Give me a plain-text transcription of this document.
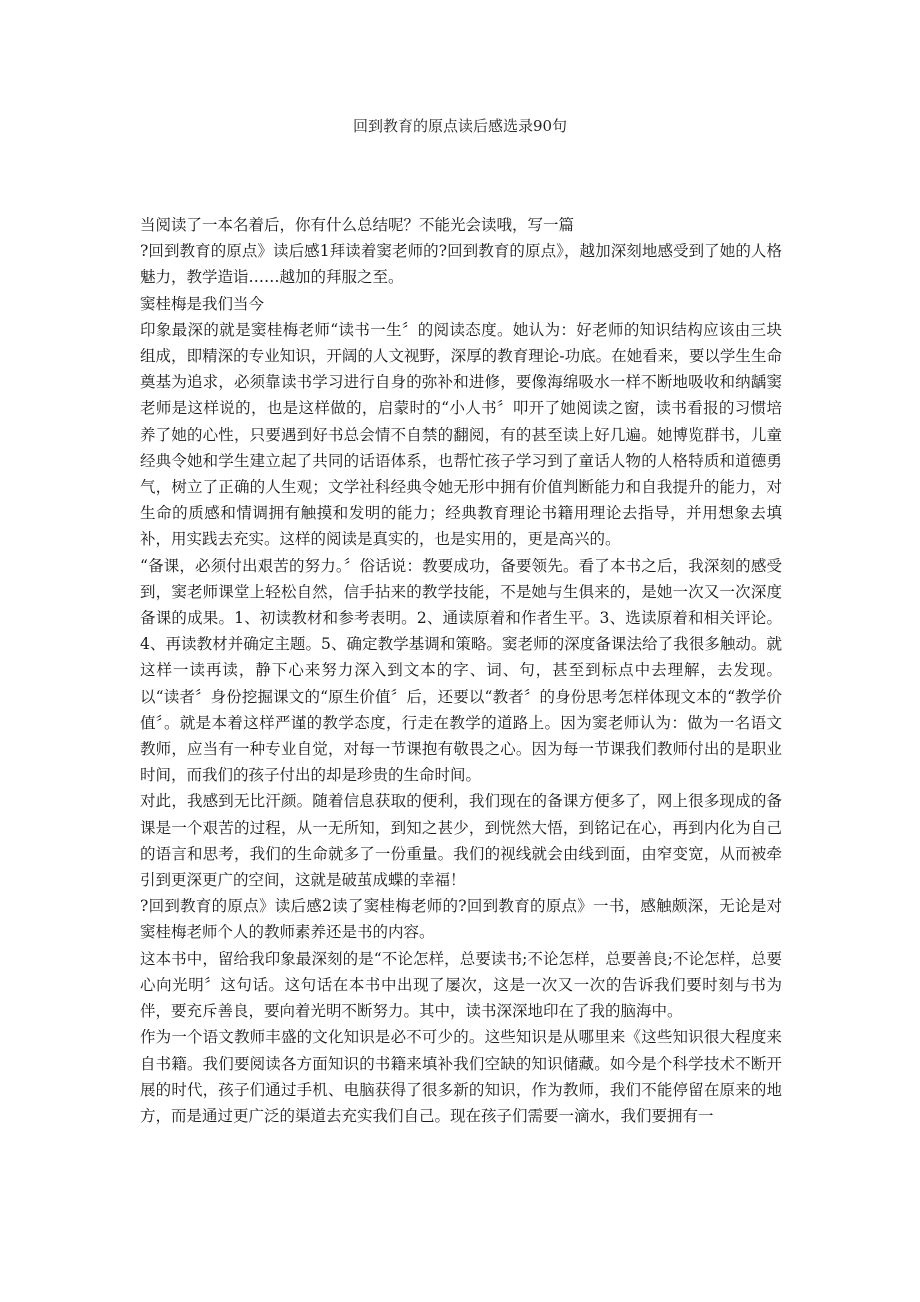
回到教育的原点读后感选录90句

当阅读了一本名着后，你有什么总结呢？不能光会读哦，写一篇

?回到教育的原点》读后感1拜读着窦老师的?回到教育的原点》，越加深刻地感受到了她的人格魅力，教学造诣……越加的拜服之至。

窦桂梅是我们当今

印象最深的就是窦桂梅老师“读书一生〞的阅读态度。她认为：好老师的知识结构应该由三块组成，即精深的专业知识，开阔的人文视野，深厚的教育理论-功底。在她看来，要以学生生命奠基为追求，必须靠读书学习进行自身的弥补和进修，要像海绵吸水一样不断地吸收和纳龋窦老师是这样说的，也是这样做的，启蒙时的“小人书〞叩开了她阅读之窗，读书看报的习惯培养了她的心性，只要遇到好书总会情不自禁的翻阅，有的甚至读上好几遍。她博览群书，儿童经典令她和学生建立起了共同的话语体系，也帮忙孩子学习到了童话人物的人格特质和道德勇气，树立了正确的人生观；文学社科经典令她无形中拥有价值判断能力和自我提升的能力，对生命的质感和情调拥有触摸和发明的能力；经典教育理论书籍用理论去指导，并用想象去填补，用实践去充实。这样的阅读是真实的，也是实用的，更是高兴的。

“备课，必须付出艰苦的努力。〞俗话说：教要成功，备要领先。看了本书之后，我深刻的感受到，窦老师课堂上轻松自然，信手拈来的教学技能，不是她与生俱来的，是她一次又一次深度备课的成果。1、初读教材和参考表明。2、通读原着和作者生平。3、选读原着和相关评论。4、再读教材并确定主题。5、确定教学基调和策略。窦老师的深度备课法给了我很多触动。就这样一读再读，静下心来努力深入到文本的字、词、句，甚至到标点中去理解，去发现。以“读者〞身份挖掘课文的“原生价值〞后，还要以“教者〞的身份思考怎样体现文本的“教学价值〞。就是本着这样严谨的教学态度，行走在教学的道路上。因为窦老师认为：做为一名语文教师，应当有一种专业自觉，对每一节课抱有敬畏之心。因为每一节课我们教师付出的是职业时间，而我们的孩子付出的却是珍贵的生命时间。

对此，我感到无比汗颜。随着信息获取的便利，我们现在的备课方便多了，网上很多现成的备课是一个艰苦的过程，从一无所知，到知之甚少，到恍然大悟，到铭记在心，再到内化为自己的语言和思考，我们的生命就多了一份重量。我们的视线就会由线到面，由窄变宽，从而被牵引到更深更广的空间，这就是破茧成蝶的幸福！

?回到教育的原点》读后感2读了窦桂梅老师的?回到教育的原点》一书，感触颇深，无论是对窦桂梅老师个人的教师素养还是书的内容。

这本书中，留给我印象最深刻的是“不论怎样，总要读书;不论怎样，总要善良;不论怎样，总要心向光明〞这句话。这句话在本书中出现了屡次，这是一次又一次的告诉我们要时刻与书为伴，要充斥善良，要向着光明不断努力。其中，读书深深地印在了我的脑海中。

作为一个语文教师丰盛的文化知识是必不可少的。这些知识是从哪里来《这些知识很大程度来自书籍。我们要阅读各方面知识的书籍来填补我们空缺的知识储藏。如今是个科学技术不断开展的时代，孩子们通过手机、电脑获得了很多新的知识，作为教师，我们不能停留在原来的地方，而是通过更广泛的渠道去充实我们自己。现在孩子们需要一滴水，我们要拥有一
